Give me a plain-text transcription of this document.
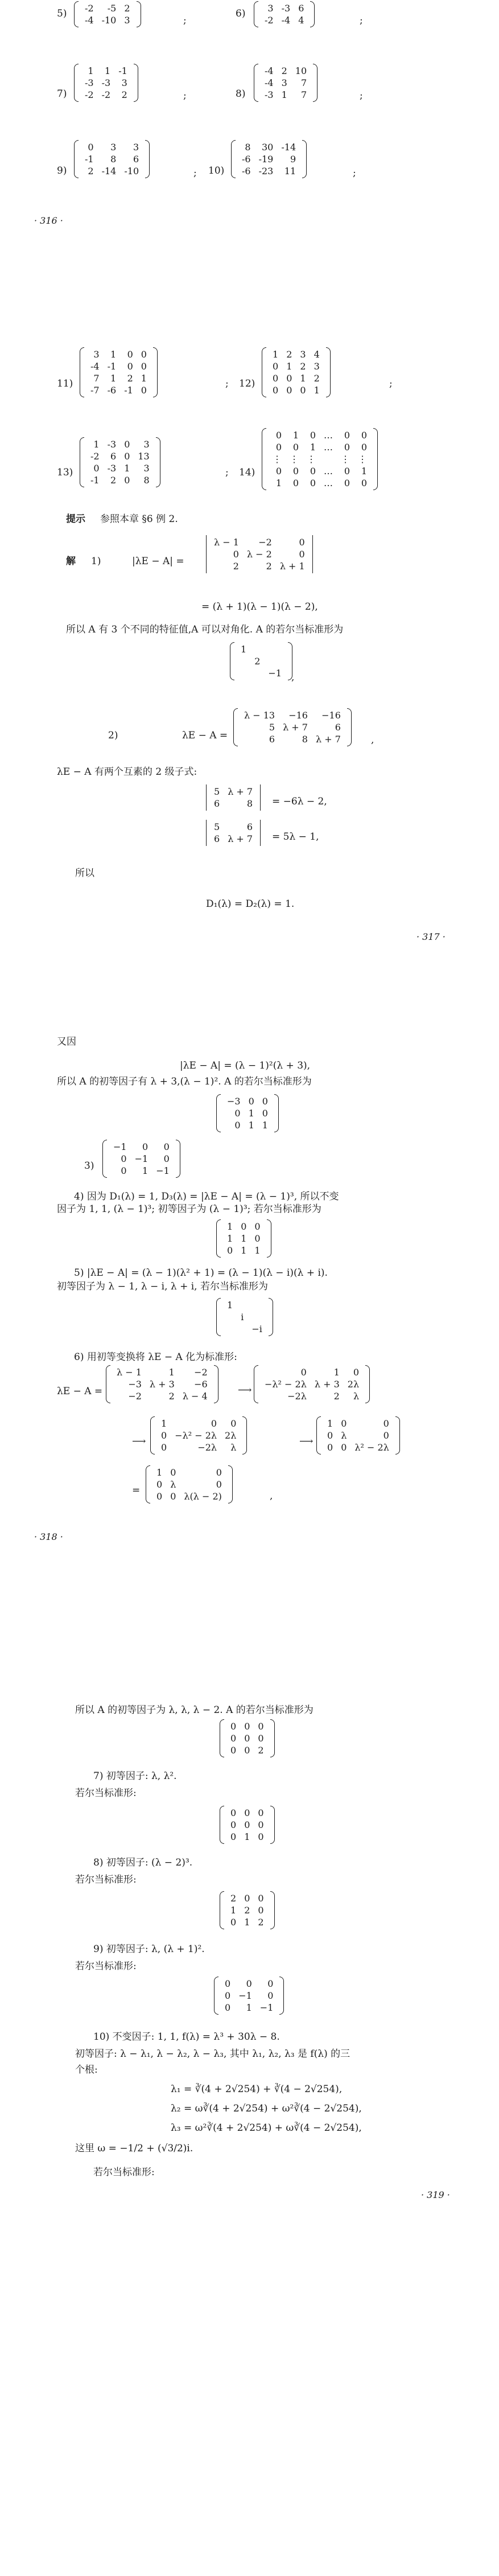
5) -2	-5	2
-4	-10	3	;
6) 3	-3	6
-2	-4	4	;
7)
1	1	-1
-3	-3	3
-2	-2	2	;	8)
-4	2	10
-4	3	7
-3	1	7	;
9)
0	3	3
-1	8	6
2	-14	-10	; 10)
8	30	-14
-6	-19	9
-6	-23	11	;
· 316 ·
11)
3	1	0	0
-4	-1	0	0
7	1	2	1
-7	-6	-1	0
; 12)
1	2	3	4
0	1	2	3
0	0	1	2
0	0	0	1
;
13)
1	-3	0	3
-2	6	0	13
0	-3	1	3
-1	2	0	8
; 14)
0	1	0	…	0	0
0	0	1	…	0	0
⋮	⋮	⋮		⋮	⋮
0	0	0	…	0	1
1	0	0	…	0	0
提示 参照本章 §6 例 2.
解 1)	|λE − A| =
λ − 1	−2	0
0	λ − 2	0
2	2	λ + 1
= (λ + 1)(λ − 1)(λ − 2),
所以 A 有 3 个不同的特征值,A 可以对角化. A 的若尔当标准形为
1		
	2	
		−1 ,
2)	λE − A =
λ − 13	−16	−16
5	λ + 7	6
6	8	λ + 7	,
λE − A 有两个互素的 2 级子式:
5	λ + 7
6	8 = −6λ − 2,
5	6
6	λ + 7 = 5λ − 1,
所以
D₁(λ) = D₂(λ) = 1.
· 317 ·
又因
|λE − A| = (λ − 1)²(λ + 3),
所以 A 的初等因子有 λ + 3,(λ − 1)². A 的若尔当标准形为
−3	0	0
0	1	0
0	1	1
3)
−1	0	0
0	−1	0
0	1	−1
4) 因为 D₁(λ) = 1, D₃(λ) = |λE − A| = (λ − 1)³, 所以不变
因子为 1, 1, (λ − 1)³; 初等因子为 (λ − 1)³; 若尔当标准形为
1	0	0
1	1	0
0	1	1
5) |λE − A| = (λ − 1)(λ² + 1) = (λ − 1)(λ − i)(λ + i).
初等因子为 λ − 1, λ − i, λ + i, 若尔当标准形为
1		
	i	
		−i
6) 用初等变换将 λE − A 化为标准形:
λE − A =
λ − 1	1	−2
−3	λ + 3	−6
−2	2	λ − 4
⟶
0	1	0
−λ² − 2λ	λ + 3	2λ
−2λ	2	λ
⟶
1	0	0
0	−λ² − 2λ	2λ
0	−2λ	λ
⟶
1	0	0
0	λ	0
0	0	λ² − 2λ
=
1	0	0
0	λ	0
0	0	λ(λ − 2)	,
· 318 ·
所以 A 的初等因子为 λ, λ, λ − 2. A 的若尔当标准形为
0	0	0
0	0	0
0	0	2
7) 初等因子: λ, λ².
若尔当标准形:
0	0	0
0	0	0
0	1	0
8) 初等因子: (λ − 2)³.
若尔当标准形:
2	0	0
1	2	0
0	1	2
9) 初等因子: λ, (λ + 1)².
若尔当标准形:
0	0	0
0	−1	0
0	1	−1
10) 不变因子: 1, 1, f(λ) = λ³ + 30λ − 8.
初等因子: λ − λ₁, λ − λ₂, λ − λ₃, 其中 λ₁, λ₂, λ₃ 是 f(λ) 的三
个根:
λ₁ = ∛(4 + 2√254) + ∛(4 − 2√254),
λ₂ = ω∛(4 + 2√254) + ω²∛(4 − 2√254),
λ₃ = ω²∛(4 + 2√254) + ω∛(4 − 2√254),
这里 ω = −1/2 + (√3/2)i.
若尔当标准形:
· 319 ·
